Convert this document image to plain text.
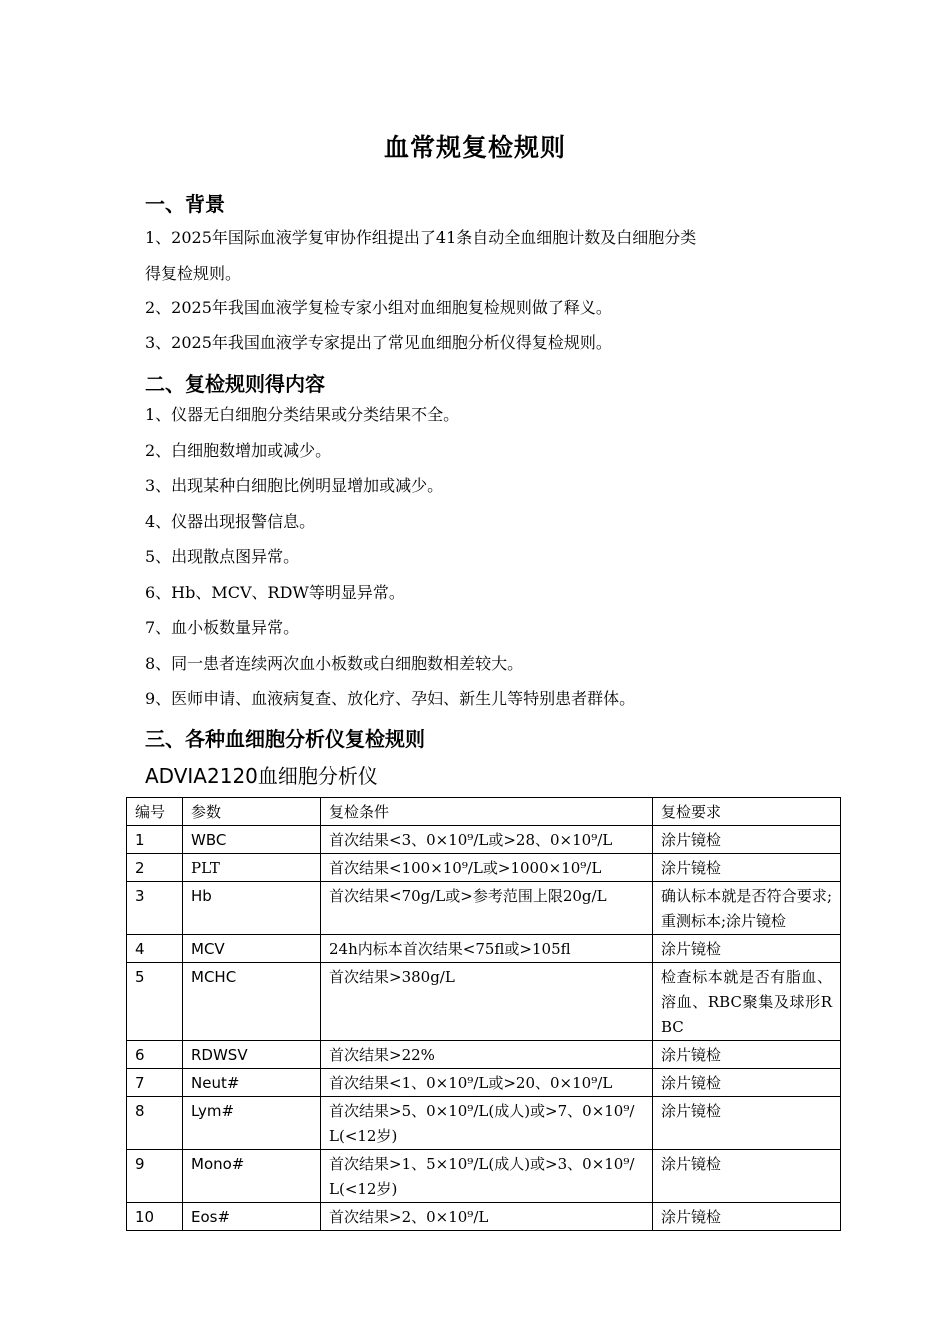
血常规复检规则
一、背景
1、2025年国际血液学复审协作组提出了41条自动全血细胞计数及白细胞分类
得复检规则。
2、2025年我国血液学复检专家小组对血细胞复检规则做了释义。
3、2025年我国血液学专家提出了常见血细胞分析仪得复检规则。
二、复检规则得内容
1、仪器无白细胞分类结果或分类结果不全。
2、白细胞数增加或减少。
3、出现某种白细胞比例明显增加或减少。
4、仪器出现报警信息。
5、出现散点图异常。
6、Hb、MCV、RDW等明显异常。
7、血小板数量异常。
8、同一患者连续两次血小板数或白细胞数相差较大。
9、医师申请、血液病复查、放化疗、孕妇、新生儿等特别患者群体。
三、各种血细胞分析仪复检规则
ADVIA2120血细胞分析仪
编号	参数	复检条件	复检要求
1	WBC	首次结果<3、0×10⁹/L或>28、0×10⁹/L	涂片镜检
2	PLT	首次结果<100×10⁹/L或>1000×10⁹/L	涂片镜检
3	Hb	首次结果<70g/L或>参考范围上限20g/L	确认标本就是否符合要求;重测标本;涂片镜检
4	MCV	24h内标本首次结果<75fl或>105fl	涂片镜检
5	MCHC	首次结果>380g/L	检查标本就是否有脂血、溶血、RBC聚集及球形RBC
6	RDWSV	首次结果>22%	涂片镜检
7	Neut#	首次结果<1、0×10⁹/L或>20、0×10⁹/L	涂片镜检
8	Lym#	首次结果>5、0×10⁹/L(成人)或>7、0×10⁹/L(<12岁)	涂片镜检
9	Mono#	首次结果>1、5×10⁹/L(成人)或>3、0×10⁹/L(<12岁)	涂片镜检
10	Eos#	首次结果>2、0×10⁹/L	涂片镜检
